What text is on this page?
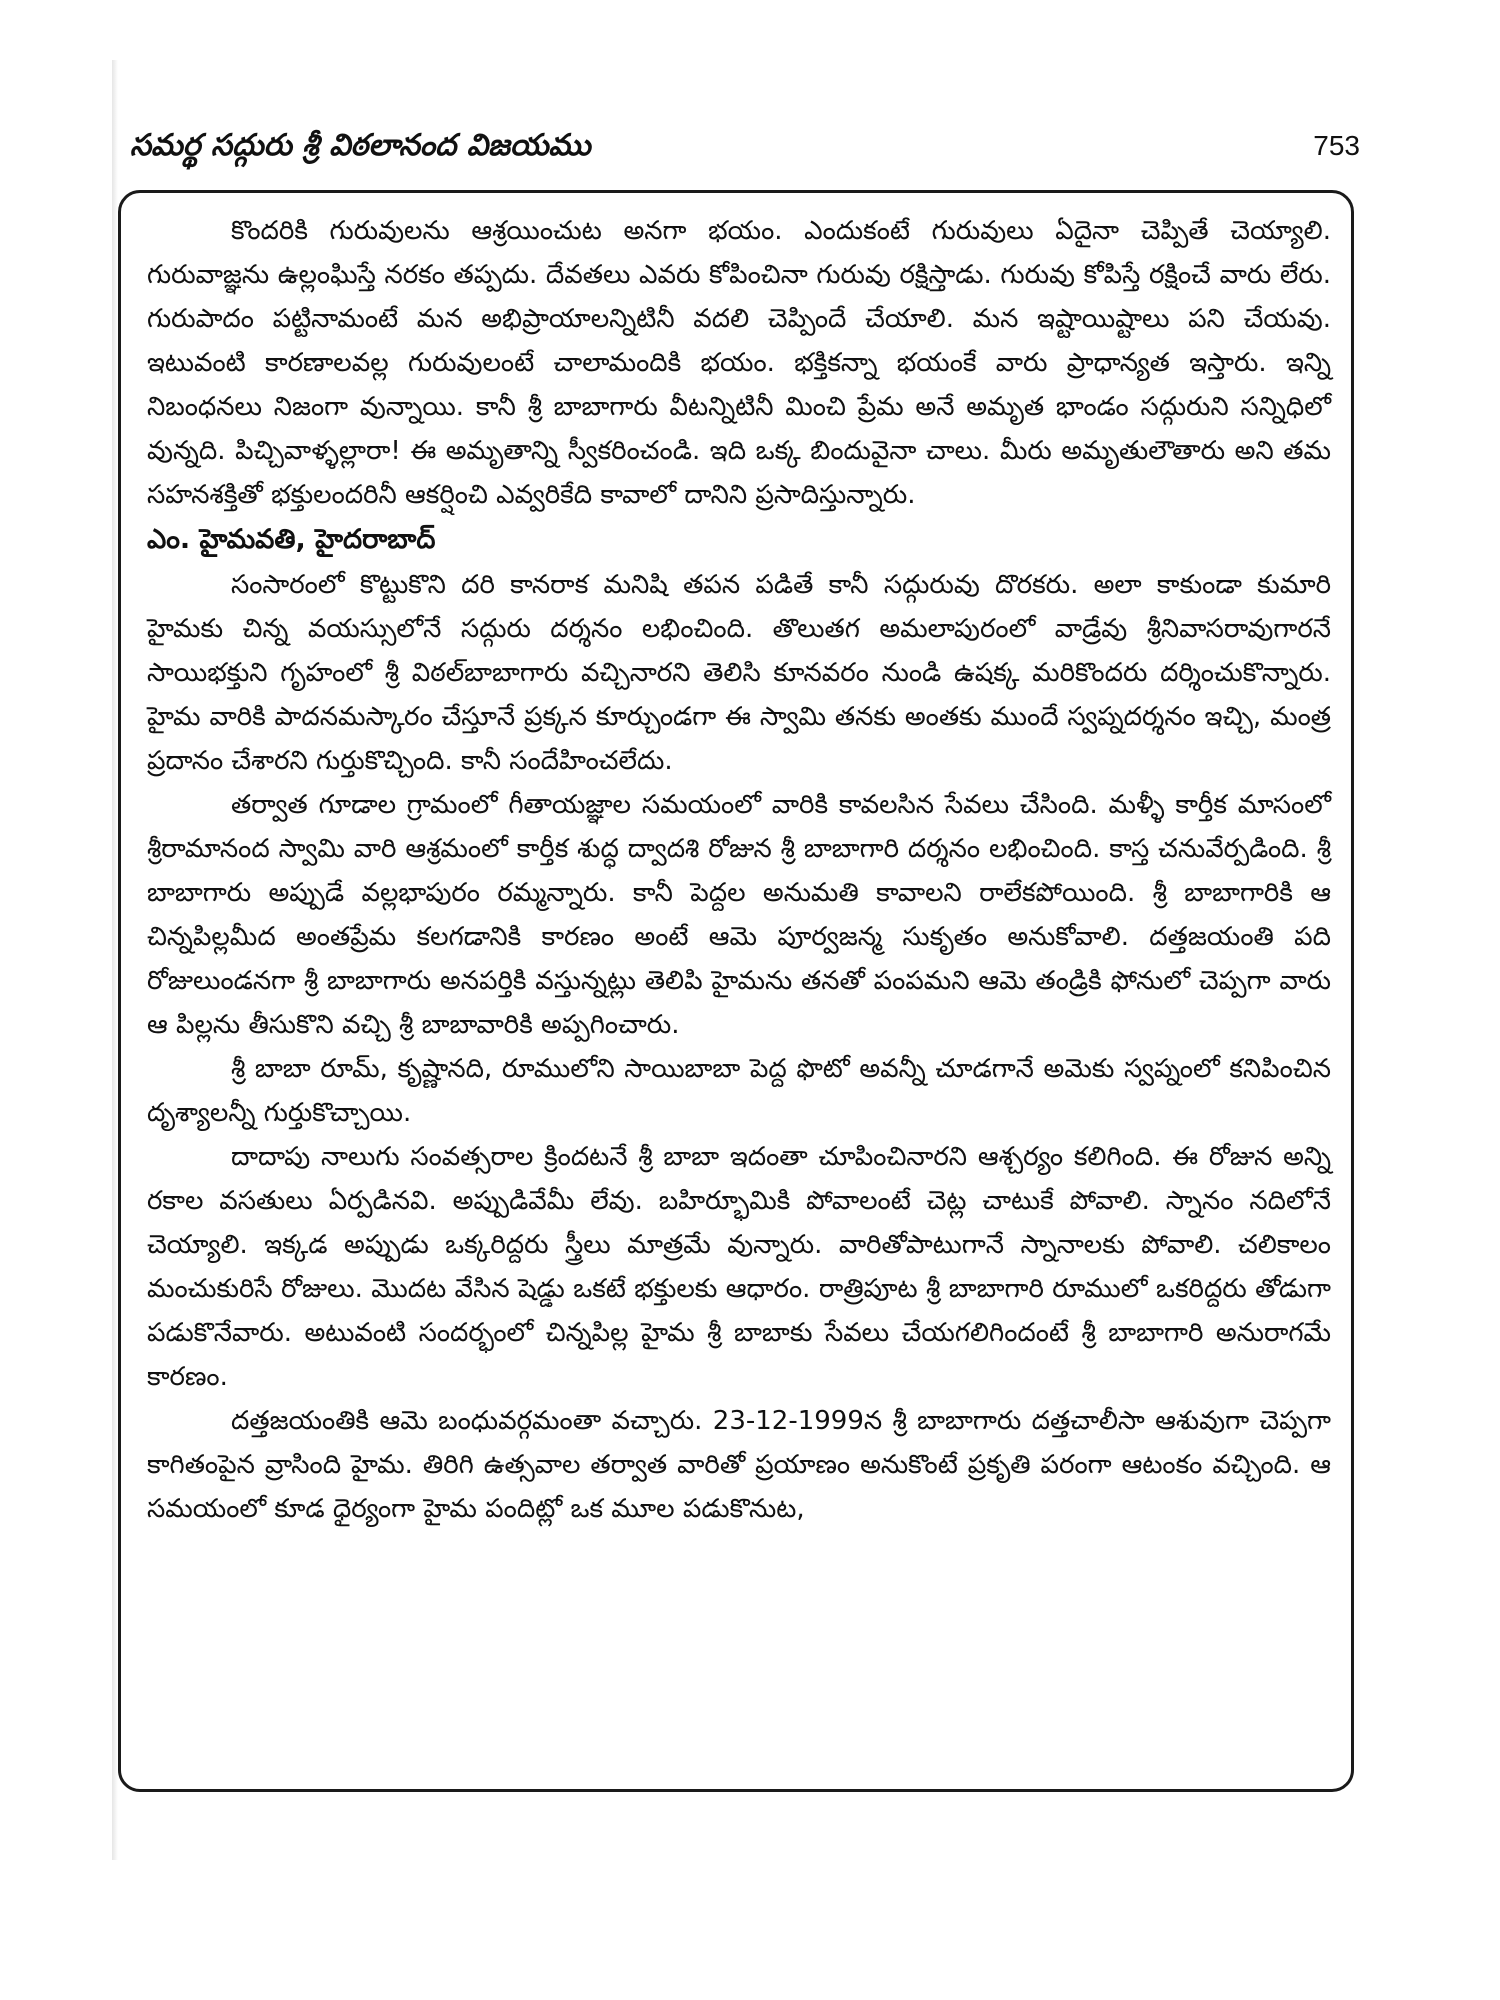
సమర్థ సద్గురు శ్రీ విఠలానంద విజయము	753

కొందరికి గురువులను ఆశ్రయించుట అనగా భయం. ఎందుకంటే గురువులు ఏదైనా చెప్పితే చెయ్యాలి. గురువాజ్ఞను ఉల్లంఘిస్తే నరకం తప్పదు. దేవతలు ఎవరు కోపించినా గురువు రక్షిస్తాడు. గురువు కోపిస్తే రక్షించే వారు లేరు. గురుపాదం పట్టినామంటే మన అభిప్రాయాలన్నిటినీ వదలి చెప్పిందే చేయాలి. మన ఇష్టాయిష్టాలు పని చేయవు. ఇటువంటి కారణాలవల్ల గురువులంటే చాలామందికి భయం. భక్తికన్నా భయంకే వారు ప్రాధాన్యత ఇస్తారు. ఇన్ని నిబంధనలు నిజంగా వున్నాయి. కానీ శ్రీ బాబాగారు వీటన్నిటినీ మించి ప్రేమ అనే అమృత భాండం సద్గురుని సన్నిధిలో వున్నది. పిచ్చివాళ్ళల్లారా! ఈ అమృతాన్ని స్వీకరించండి. ఇది ఒక్క బిందువైనా చాలు. మీరు అమృతులౌతారు అని తమ సహనశక్తితో భక్తులందరినీ ఆకర్షించి ఎవ్వరికేది కావాలో దానిని ప్రసాదిస్తున్నారు.

ఎం. హైమవతి, హైదరాబాద్

సంసారంలో కొట్టుకొని దరి కానరాక మనిషి తపన పడితే కానీ సద్గురువు దొరకరు. అలా కాకుండా కుమారి హైమకు చిన్న వయస్సులోనే సద్గురు దర్శనం లభించింది. తొలుతగ అమలాపురంలో వాడ్రేవు శ్రీనివాసరావుగారనే సాయిభక్తుని గృహంలో శ్రీ విఠల్‌బాబాగారు వచ్చినారని తెలిసి కూనవరం నుండి ఉషక్క మరికొందరు దర్శించుకొన్నారు. హైమ వారికి పాదనమస్కారం చేస్తూనే ప్రక్కన కూర్చుండగా ఈ స్వామి తనకు అంతకు ముందే స్వప్నదర్శనం ఇచ్చి, మంత్ర ప్రదానం చేశారని గుర్తుకొచ్చింది. కానీ సందేహించలేదు.

తర్వాత గూడాల గ్రామంలో గీతాయజ్ఞాల సమయంలో వారికి కావలసిన సేవలు చేసింది. మళ్ళీ కార్తీక మాసంలో శ్రీరామానంద స్వామి వారి ఆశ్రమంలో కార్తీక శుద్ధ ద్వాదశి రోజున శ్రీ బాబాగారి దర్శనం లభించింది. కాస్త చనువేర్పడింది. శ్రీ బాబాగారు అప్పుడే వల్లభాపురం రమ్మన్నారు. కానీ పెద్దల అనుమతి కావాలని రాలేకపోయింది. శ్రీ బాబాగారికి ఆ చిన్నపిల్లమీద అంతప్రేమ కలగడానికి కారణం అంటే ఆమె పూర్వజన్మ సుకృతం అనుకోవాలి. దత్తజయంతి పది రోజులుండనగా శ్రీ బాబాగారు అనపర్తికి వస్తున్నట్లు తెలిపి హైమను తనతో పంపమని ఆమె తండ్రికి ఫోనులో చెప్పగా వారు ఆ పిల్లను తీసుకొని వచ్చి శ్రీ బాబావారికి అప్పగించారు.

శ్రీ బాబా రూమ్, కృష్ణానది, రూములోని సాయిబాబా పెద్ద ఫొటో అవన్నీ చూడగానే అమెకు స్వప్నంలో కనిపించిన దృశ్యాలన్నీ గుర్తుకొచ్చాయి.

దాదాపు నాలుగు సంవత్సరాల క్రిందటనే శ్రీ బాబా ఇదంతా చూపించినారని ఆశ్చర్యం కలిగింది. ఈ రోజున అన్ని రకాల వసతులు ఏర్పడినవి. అప్పుడివేమీ లేవు. బహిర్భూమికి పోవాలంటే చెట్ల చాటుకే పోవాలి. స్నానం నదిలోనే చెయ్యాలి. ఇక్కడ అప్పుడు ఒక్కరిద్దరు స్త్రీలు మాత్రమే వున్నారు. వారితోపాటుగానే స్నానాలకు పోవాలి. చలికాలం మంచుకురిసే రోజులు. మొదట వేసిన షెడ్డు ఒకటే భక్తులకు ఆధారం. రాత్రిపూట శ్రీ బాబాగారి రూములో ఒకరిద్దరు తోడుగా పడుకొనేవారు. అటువంటి సందర్భంలో చిన్నపిల్ల హైమ శ్రీ బాబాకు సేవలు చేయగలిగిందంటే శ్రీ బాబాగారి అనురాగమే కారణం.

దత్తజయంతికి ఆమె బంధువర్గమంతా వచ్చారు. 23-12-1999న శ్రీ బాబాగారు దత్తచాలీసా ఆశువుగా చెప్పగా కాగితంపైన వ్రాసింది హైమ. తిరిగి ఉత్సవాల తర్వాత వారితో ప్రయాణం అనుకొంటే ప్రకృతి పరంగా ఆటంకం వచ్చింది. ఆ సమయంలో కూడ ధైర్యంగా హైమ పందిట్లో ఒక మూల పడుకొనుట,
